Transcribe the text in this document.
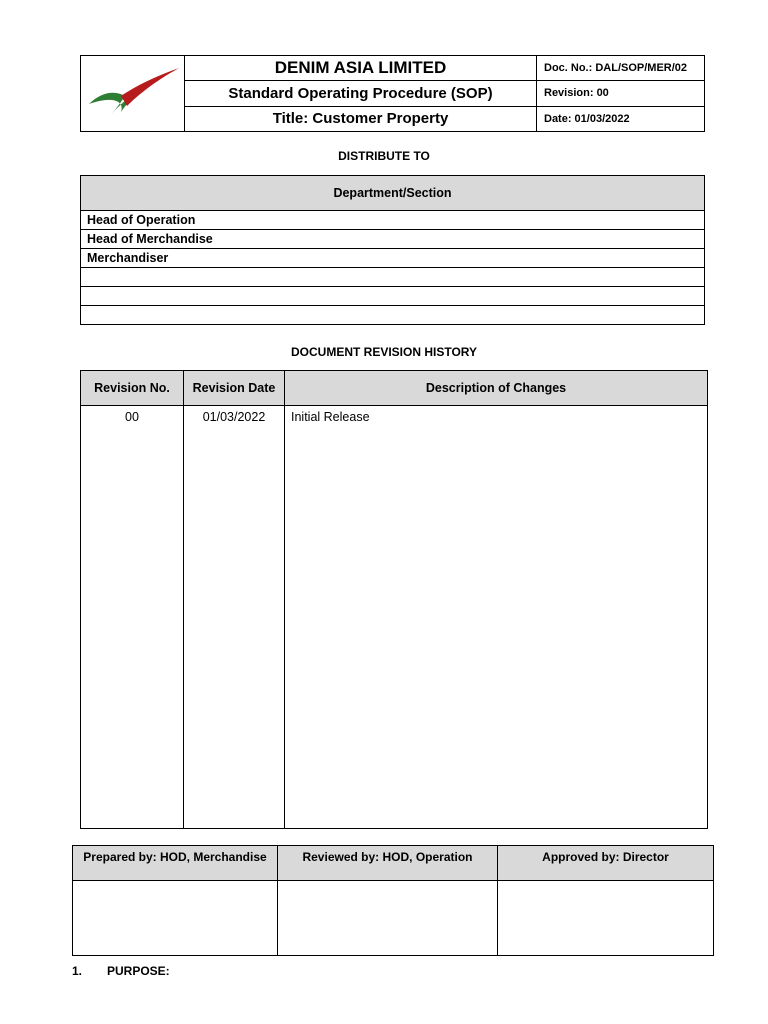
	DENIM ASIA LIMITED	Doc. No.: DAL/SOP/MER/02
	Standard Operating Procedure (SOP)	Revision: 00
	Title: Customer Property	Date: 01/03/2022
DISTRIBUTE TO
Department/Section
Head of Operation
Head of Merchandise
Merchandiser

DOCUMENT REVISION HISTORY
Revision No.	Revision Date	Description of Changes
00	01/03/2022	Initial Release
Prepared by: HOD, Merchandise	Reviewed by: HOD, Operation	Approved by: Director

1. PURPOSE:
